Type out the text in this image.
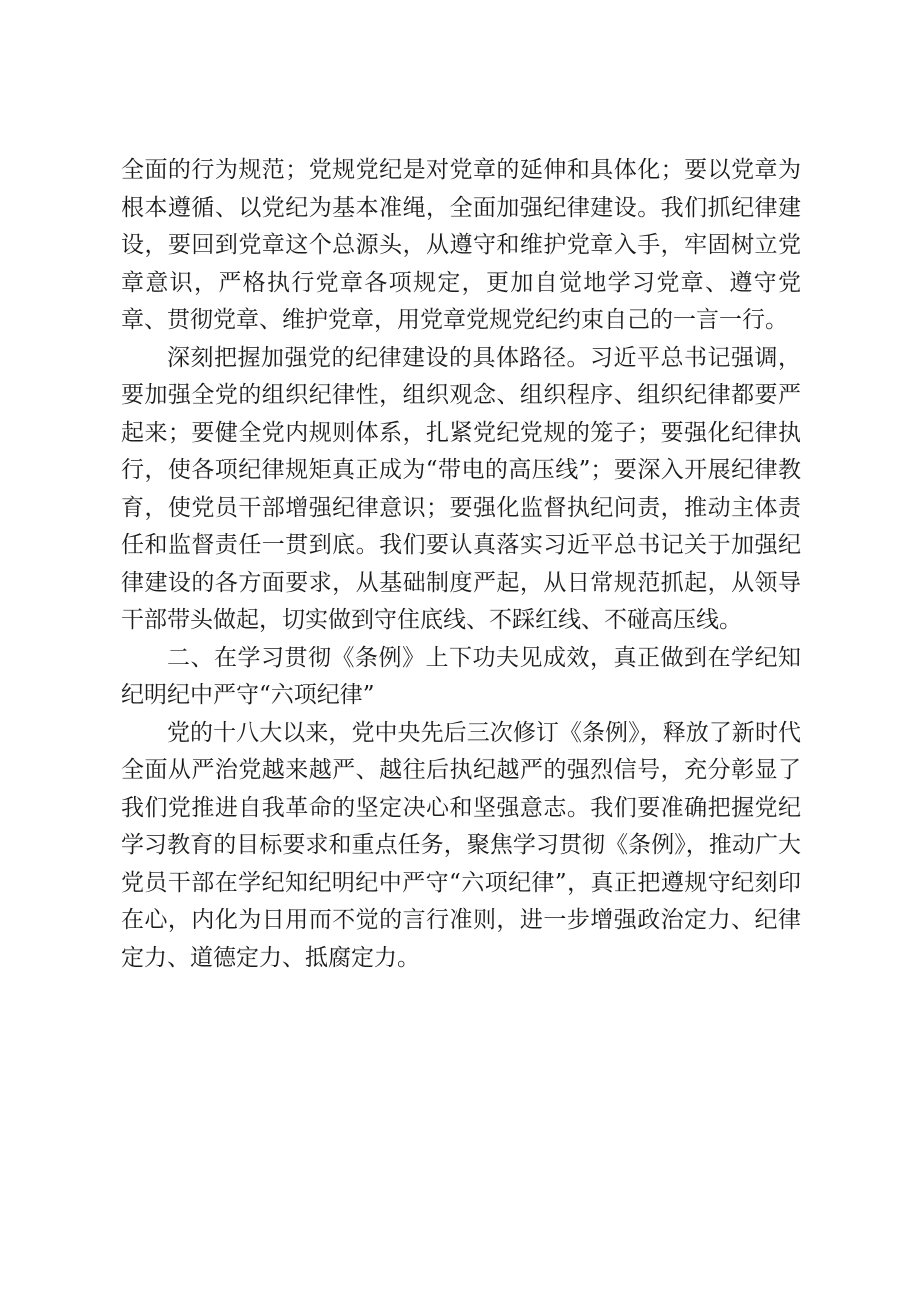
全面的行为规范；党规党纪是对党章的延伸和具体化；要以党章为根本遵循、以党纪为基本准绳，全面加强纪律建设。我们抓纪律建设，要回到党章这个总源头，从遵守和维护党章入手，牢固树立党章意识，严格执行党章各项规定，更加自觉地学习党章、遵守党章、贯彻党章、维护党章，用党章党规党纪约束自己的一言一行。

深刻把握加强党的纪律建设的具体路径。习近平总书记强调，要加强全党的组织纪律性，组织观念、组织程序、组织纪律都要严起来；要健全党内规则体系，扎紧党纪党规的笼子；要强化纪律执行，使各项纪律规矩真正成为“带电的高压线”；要深入开展纪律教育，使党员干部增强纪律意识；要强化监督执纪问责，推动主体责任和监督责任一贯到底。我们要认真落实习近平总书记关于加强纪律建设的各方面要求，从基础制度严起，从日常规范抓起，从领导干部带头做起，切实做到守住底线、不踩红线、不碰高压线。

二、在学习贯彻《条例》上下功夫见成效，真正做到在学纪知纪明纪中严守“六项纪律”

党的十八大以来，党中央先后三次修订《条例》，释放了新时代全面从严治党越来越严、越往后执纪越严的强烈信号，充分彰显了我们党推进自我革命的坚定决心和坚强意志。我们要准确把握党纪学习教育的目标要求和重点任务，聚焦学习贯彻《条例》，推动广大党员干部在学纪知纪明纪中严守“六项纪律”，真正把遵规守纪刻印在心，内化为日用而不觉的言行准则，进一步增强政治定力、纪律定力、道德定力、抵腐定力。
